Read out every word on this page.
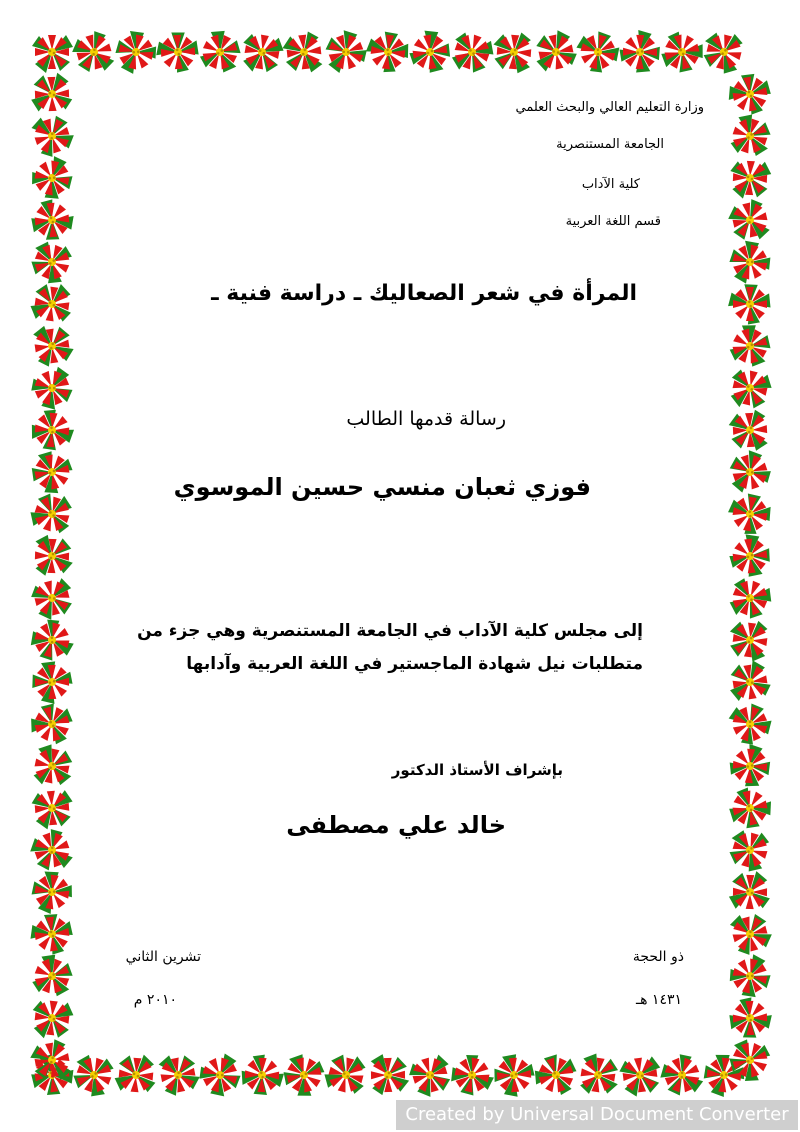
وزارة التعليم العالي والبحث العلمي
الجامعة المستنصرية
كلية الآداب
قسم اللغة العربية
المرأة في شعر الصعاليك ـ دراسة فنية ـ
رسالة قدمها الطالب
فوزي ثعبان منسي حسين الموسوي
إلى مجلس كلية الآداب في الجامعة المستنصرية وهي جزء من
متطلبات نيل شهادة الماجستير في اللغة العربية وآدابها
بإشراف الأستاذ الدكتور
خالد علي مصطفى
ذو الحجة
١٤٣١ هـ
تشرين الثاني
٢٠١٠ م
Created by Universal Document Converter
